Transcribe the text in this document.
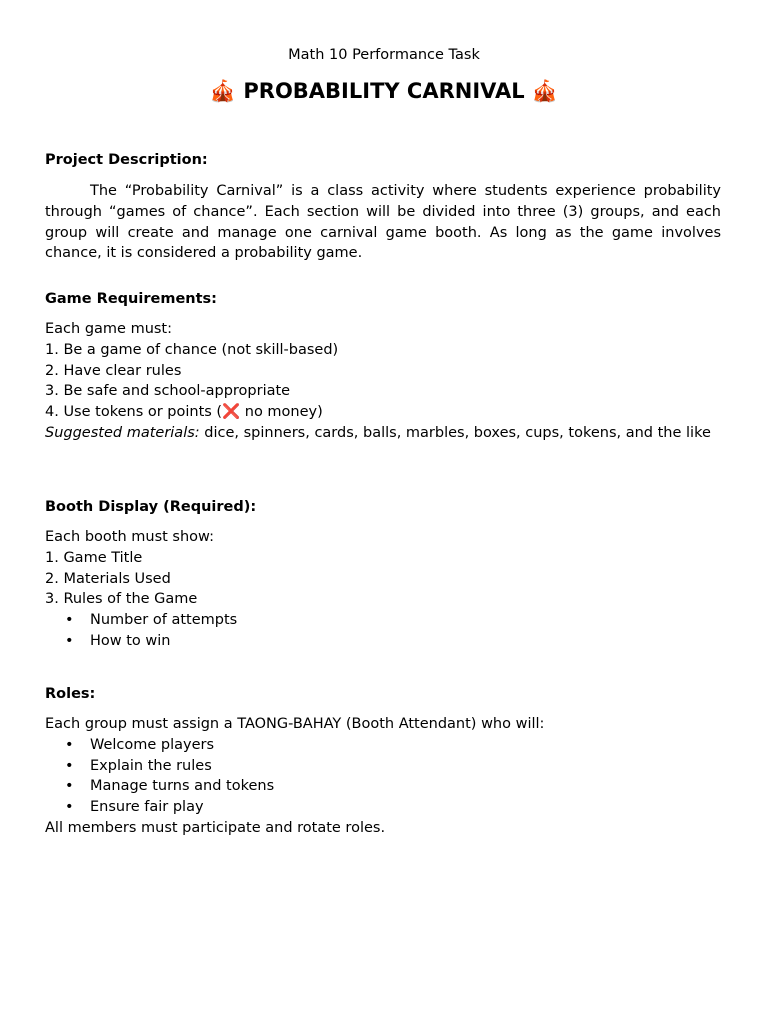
Math 10 Performance Task
🎪 PROBABILITY CARNIVAL 🎪

Project Description:

The “Probability Carnival” is a class activity where students experience probability through “games of chance”. Each section will be divided into three (3) groups, and each group will create and manage one carnival game booth. As long as the game involves chance, it is considered a probability game.

Game Requirements:

Each game must:

1. Be a game of chance (not skill-based)

2. Have clear rules

3. Be safe and school-appropriate

4. Use tokens or points (❌ no money)

Suggested materials: dice, spinners, cards, balls, marbles, boxes, cups, tokens, and the like

Booth Display (Required):

Each booth must show:

1. Game Title

2. Materials Used

3. Rules of the Game

• Number of attempts
• How to win

Roles:

Each group must assign a TAONG-BAHAY (Booth Attendant) who will:

• Welcome players
• Explain the rules
• Manage turns and tokens
• Ensure fair play

All members must participate and rotate roles.
